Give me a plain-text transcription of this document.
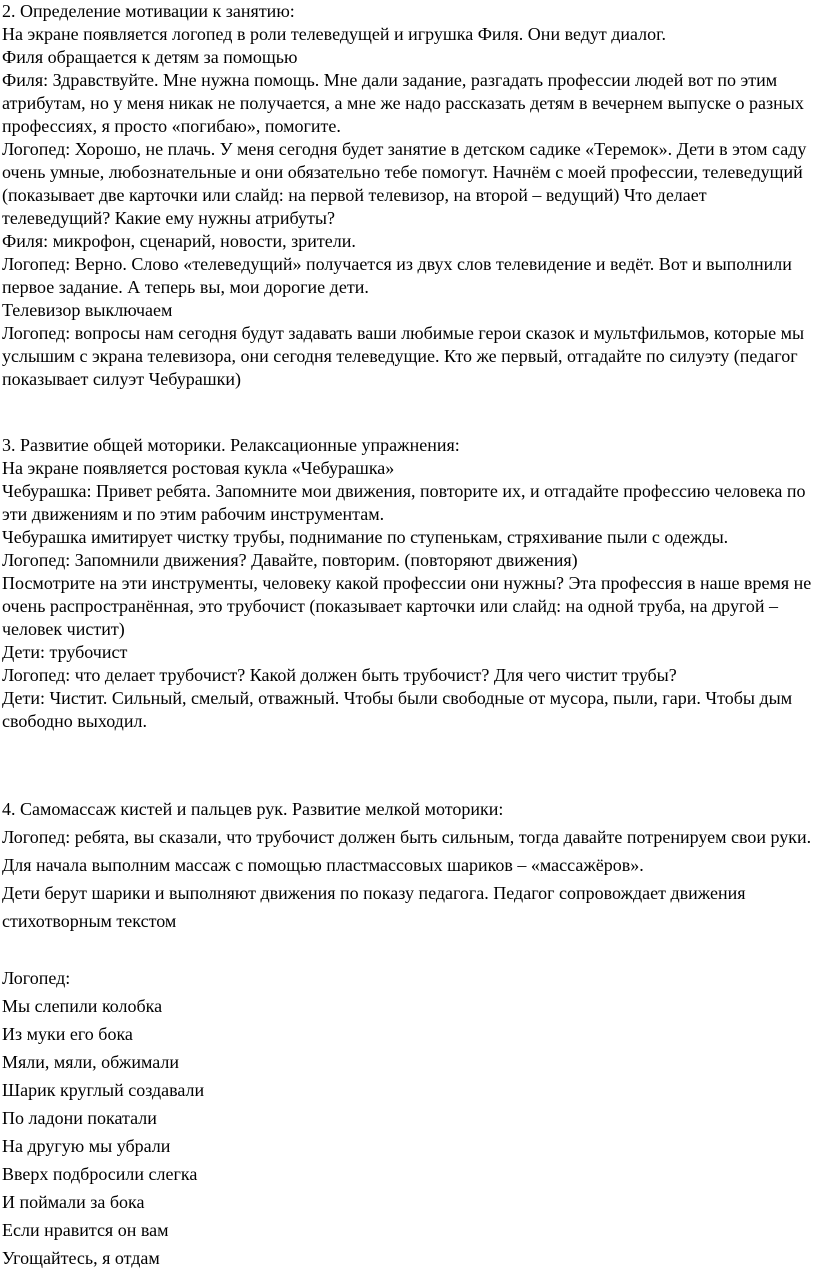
2. Определение мотивации к занятию:

На экране появляется логопед в роли телеведущей и игрушка Филя. Они ведут диалог.

Филя обращается к детям за помощью

Филя: Здравствуйте. Мне нужна помощь. Мне дали задание, разгадать профессии людей вот по этим атрибутам, но у меня никак не получается, а мне же надо рассказать детям в вечернем выпуске о разных профессиях, я просто «погибаю», помогите.

Логопед: Хорошо, не плачь. У меня сегодня будет занятие в детском садике «Теремок». Дети в этом саду очень умные, любознательные и они обязательно тебе помогут. Начнём с моей профессии, телеведущий (показывает две карточки или слайд: на первой телевизор, на второй – ведущий) Что делает телеведущий? Какие ему нужны атрибуты?

Филя: микрофон, сценарий, новости, зрители.

Логопед: Верно. Слово «телеведущий» получается из двух слов телевидение и ведёт. Вот и выполнили первое задание. А теперь вы, мои дорогие дети.

Телевизор выключаем

Логопед: вопросы нам сегодня будут задавать ваши любимые герои сказок и мультфильмов, которые мы услышим с экрана телевизора, они сегодня телеведущие. Кто же первый, отгадайте по силуэту (педагог показывает силуэт Чебурашки)

3. Развитие общей моторики. Релаксационные упражнения:

На экране появляется ростовая кукла «Чебурашка»

Чебурашка: Привет ребята. Запомните мои движения, повторите их, и отгадайте профессию человека по эти движениям и по этим рабочим инструментам.

Чебурашка имитирует чистку трубы, поднимание по ступенькам, стряхивание пыли с одежды.

Логопед: Запомнили движения? Давайте, повторим. (повторяют движения)

Посмотрите на эти инструменты, человеку какой профессии они нужны? Эта профессия в наше время не очень распространённая, это трубочист (показывает карточки или слайд: на одной труба, на другой – человек чистит)

Дети: трубочист

Логопед: что делает трубочист? Какой должен быть трубочист? Для чего чистит трубы?

Дети: Чистит. Сильный, смелый, отважный. Чтобы были свободные от мусора, пыли, гари. Чтобы дым свободно выходил.

4. Самомассаж кистей и пальцев рук. Развитие мелкой моторики:

Логопед: ребята, вы сказали, что трубочист должен быть сильным, тогда давайте потренируем свои руки. Для начала выполним массаж с помощью пластмассовых шариков – «массажёров».

Дети берут шарики и выполняют движения по показу педагога. Педагог сопровождает движения стихотворным текстом

Логопед:

Мы слепили колобка

Из муки его бока

Мяли, мяли, обжимали

Шарик круглый создавали

По ладони покатали

На другую мы убрали

Вверх подбросили слегка

И поймали за бока

Если нравится он вам

Угощайтесь, я отдам
